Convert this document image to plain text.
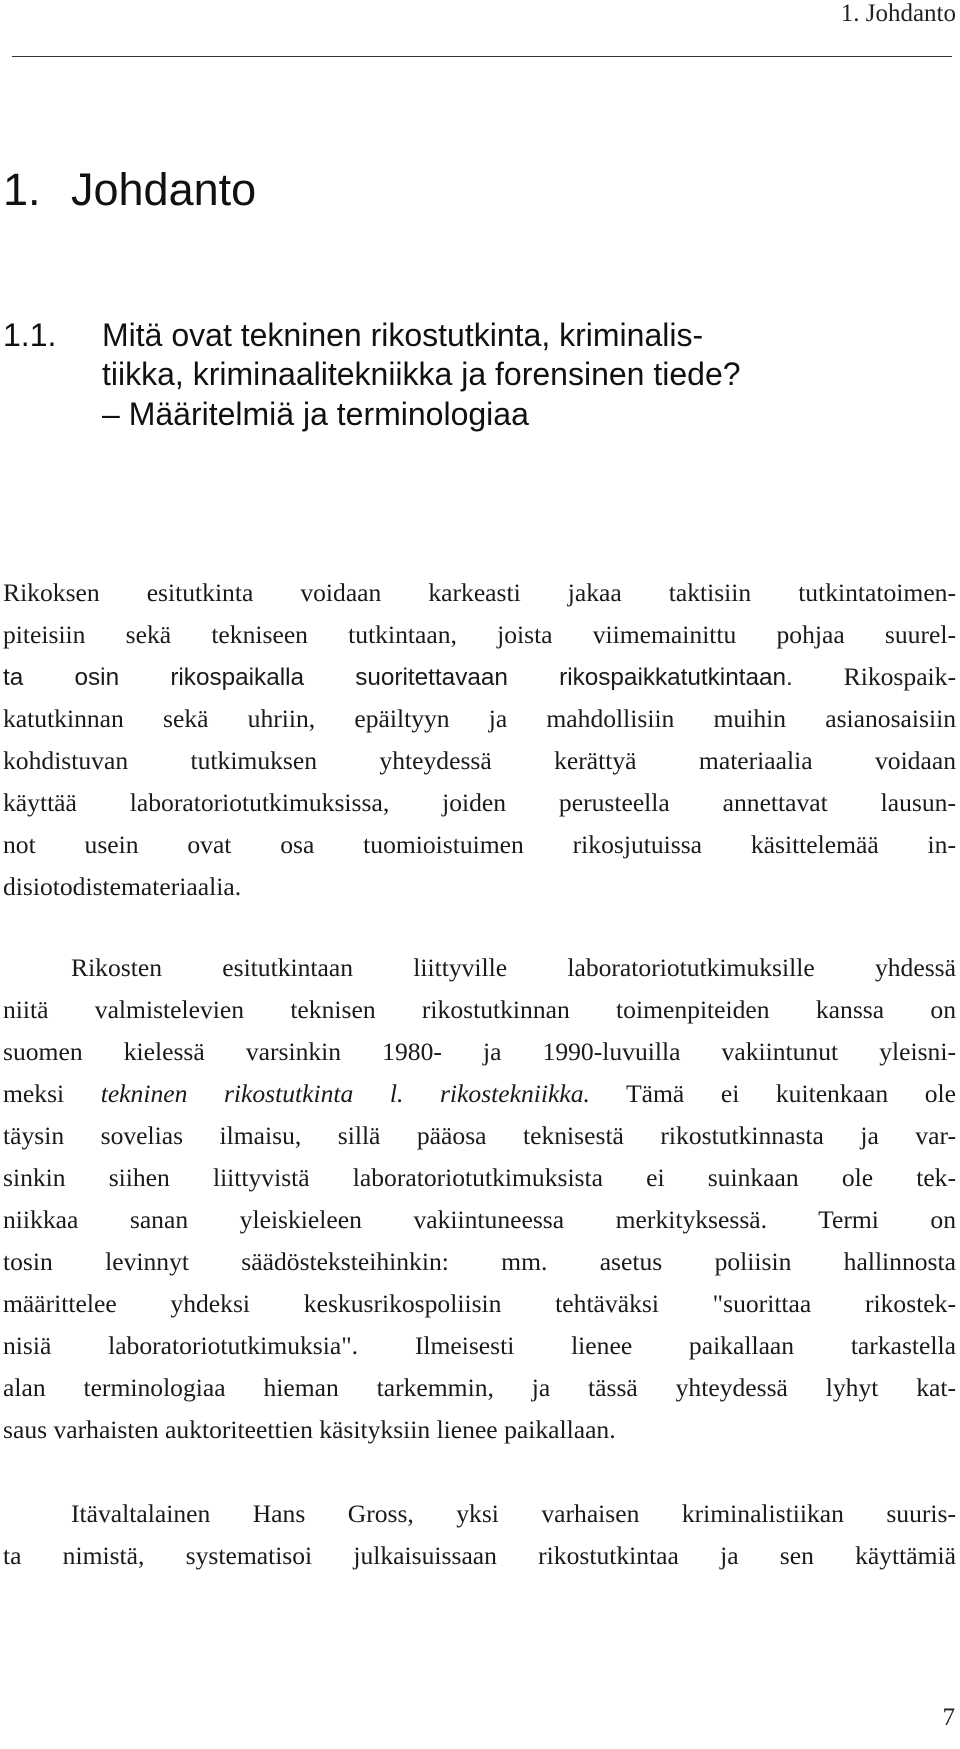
1. Johdanto
1. Johdanto
1.1. Mitä ovat tekninen rikostutkinta, kriminalis-
tiikka, kriminaalitekniikka ja forensinen tiede?
– Määritelmiä ja terminologiaa
Rikoksen esitutkinta voidaan karkeasti jakaa taktisiin tutkintatoimen-
piteisiin sekä tekniseen tutkintaan, joista viimemainittu pohjaa suurel-
ta osin rikospaikalla suoritettavaan rikospaikkatutkintaan. Rikospaik-
katutkinnan sekä uhriin, epäiltyyn ja mahdollisiin muihin asianosaisiin
kohdistuvan tutkimuksen yhteydessä kerättyä materiaalia voidaan
käyttää laboratoriotutkimuksissa, joiden perusteella annettavat lausun-
not usein ovat osa tuomioistuimen rikosjutuissa käsittelemää in-
disiotodistemateriaalia.
Rikosten esitutkintaan liittyville laboratoriotutkimuksille yhdessä
niitä valmistelevien teknisen rikostutkinnan toimenpiteiden kanssa on
suomen kielessä varsinkin 1980- ja 1990-luvuilla vakiintunut yleisni-
meksi tekninen rikostutkinta l. rikostekniikka. Tämä ei kuitenkaan ole
täysin sovelias ilmaisu, sillä pääosa teknisestä rikostutkinnasta ja var-
sinkin siihen liittyvistä laboratoriotutkimuksista ei suinkaan ole tek-
niikkaa sanan yleiskieleen vakiintuneessa merkityksessä. Termi on
tosin levinnyt säädösteksteihinkin: mm. asetus poliisin hallinnosta
määrittelee yhdeksi keskusrikospoliisin tehtäväksi "suorittaa rikostek-
nisiä laboratoriotutkimuksia". Ilmeisesti lienee paikallaan tarkastella
alan terminologiaa hieman tarkemmin, ja tässä yhteydessä lyhyt kat-
saus varhaisten auktoriteettien käsityksiin lienee paikallaan.
Itävaltalainen Hans Gross, yksi varhaisen kriminalistiikan suuris-
ta nimistä, systematisoi julkaisuissaan rikostutkintaa ja sen käyttämiä
7
